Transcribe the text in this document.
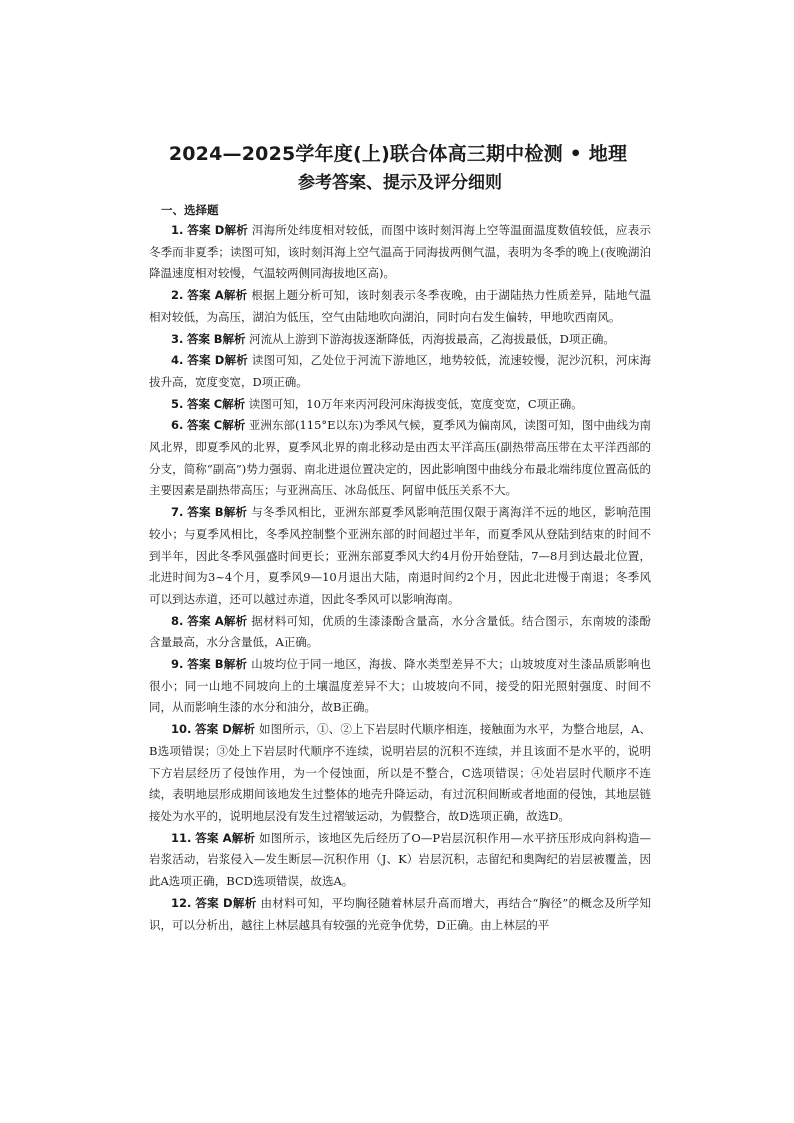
2024—2025学年度(上)联合体高三期中检测 • 地理
参考答案、提示及评分细则
一、选择题

1. 答案 D解析 洱海所处纬度相对较低，而图中该时刻洱海上空等温面温度数值较低，应表示冬季而非夏季；读图可知，该时刻洱海上空气温高于同海拔两侧气温，表明为冬季的晚上(夜晚湖泊降温速度相对较慢，气温较两侧同海拔地区高)。

2. 答案 A解析 根据上题分析可知，该时刻表示冬季夜晚，由于湖陆热力性质差异，陆地气温相对较低，为高压，湖泊为低压，空气由陆地吹向湖泊，同时向右发生偏转，甲地吹西南风。

3. 答案 B解析 河流从上游到下游海拔逐渐降低，丙海拔最高，乙海拔最低，D项正确。

4. 答案 D解析 读图可知，乙处位于河流下游地区，地势较低，流速较慢，泥沙沉积，河床海拔升高，宽度变宽，D项正确。

5. 答案 C解析 读图可知，10万年来丙河段河床海拔变低，宽度变宽，C项正确。

6. 答案 C解析 亚洲东部(115°E以东)为季风气候，夏季风为偏南风，读图可知，图中曲线为南风北界，即夏季风的北界，夏季风北界的南北移动是由西太平洋高压(副热带高压带在太平洋西部的分支，简称“副高”)势力强弱、南北进退位置决定的，因此影响图中曲线分布最北端纬度位置高低的主要因素是副热带高压；与亚洲高压、冰岛低压、阿留申低压关系不大。

7. 答案 B解析 与冬季风相比，亚洲东部夏季风影响范围仅限于离海洋不远的地区，影响范围较小；与夏季风相比，冬季风控制整个亚洲东部的时间超过半年，而夏季风从登陆到结束的时间不到半年，因此冬季风强盛时间更长；亚洲东部夏季风大约4月份开始登陆，7—8月到达最北位置，北进时间为3~4个月，夏季风9—10月退出大陆，南退时间约2个月，因此北进慢于南退；冬季风可以到达赤道，还可以越过赤道，因此冬季风可以影响海南。

8. 答案 A解析 据材料可知，优质的生漆漆酚含量高，水分含量低。结合图示，东南坡的漆酚含量最高，水分含量低，A正确。

9. 答案 B解析 山坡均位于同一地区，海拔、降水类型差异不大；山坡坡度对生漆品质影响也很小；同一山地不同坡向上的土壤温度差异不大；山坡坡向不同，接受的阳光照射强度、时间不同，从而影响生漆的水分和油分，故B正确。

10. 答案 D解析 如图所示，①、②上下岩层时代顺序相连，接触面为水平，为整合地层，A、B选项错误；③处上下岩层时代顺序不连续，说明岩层的沉积不连续，并且该面不是水平的，说明下方岩层经历了侵蚀作用，为一个侵蚀面，所以是不整合，C选项错误；④处岩层时代顺序不连续，表明地层形成期间该地发生过整体的地壳升降运动，有过沉积间断或者地面的侵蚀，其地层链接处为水平的，说明地层没有发生过褶皱运动，为假整合，故D选项正确，故选D。

11. 答案 A解析 如图所示，该地区先后经历了O—P岩层沉积作用—水平挤压形成向斜构造—岩浆活动，岩浆侵入—发生断层—沉积作用（J、K）岩层沉积，志留纪和奥陶纪的岩层被覆盖，因此A选项正确，BCD选项错误，故选A。

12. 答案 D解析 由材料可知，平均胸径随着林层升高而增大，再结合“胸径”的概念及所学知识，可以分析出，越往上林层越具有较强的光竞争优势，D正确。由上林层的平
